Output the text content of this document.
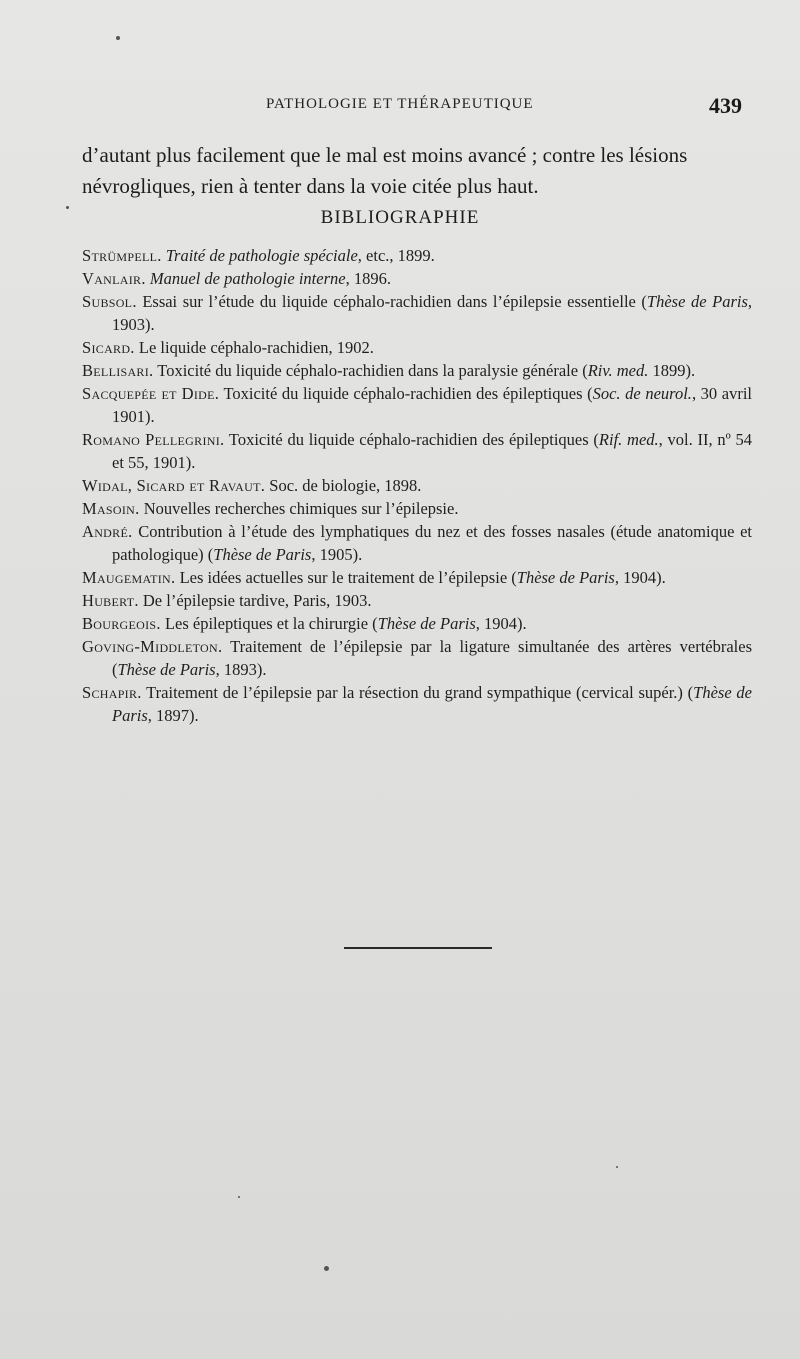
PATHOLOGIE ET THÉRAPEUTIQUE	439

d’autant plus facilement que le mal est moins avancé ; contre les lésions névrogliques, rien à tenter dans la voie citée plus haut.

BIBLIOGRAPHIE
Strümpell. Traité de pathologie spéciale, etc., 1899.
Vanlair. Manuel de pathologie interne, 1896.
Subsol. Essai sur l’étude du liquide céphalo-rachidien dans l’épilepsie essentielle (Thèse de Paris, 1903).
Sicard. Le liquide céphalo-rachidien, 1902.
Bellisari. Toxicité du liquide céphalo-rachidien dans la paralysie générale (Riv. med. 1899).
Sacquepée et Dide. Toxicité du liquide céphalo-rachidien des épileptiques (Soc. de neurol., 30 avril 1901).
Romano Pellegrini. Toxicité du liquide céphalo-rachidien des épileptiques (Rif. med., vol. II, nº 54 et 55, 1901).
Widal, Sicard et Ravaut. Soc. de biologie, 1898.
Masoin. Nouvelles recherches chimiques sur l’épilepsie.
André. Contribution à l’étude des lymphatiques du nez et des fosses nasales (étude anatomique et pathologique) (Thèse de Paris, 1905).
Maugematin. Les idées actuelles sur le traitement de l’épilepsie (Thèse de Paris, 1904).
Hubert. De l’épilepsie tardive, Paris, 1903.
Bourgeois. Les épileptiques et la chirurgie (Thèse de Paris, 1904).
Goving-Middleton. Traitement de l’épilepsie par la ligature simultanée des artères vertébrales (Thèse de Paris, 1893).
Schapir. Traitement de l’épilepsie par la résection du grand sympathique (cervical supér.) (Thèse de Paris, 1897).
